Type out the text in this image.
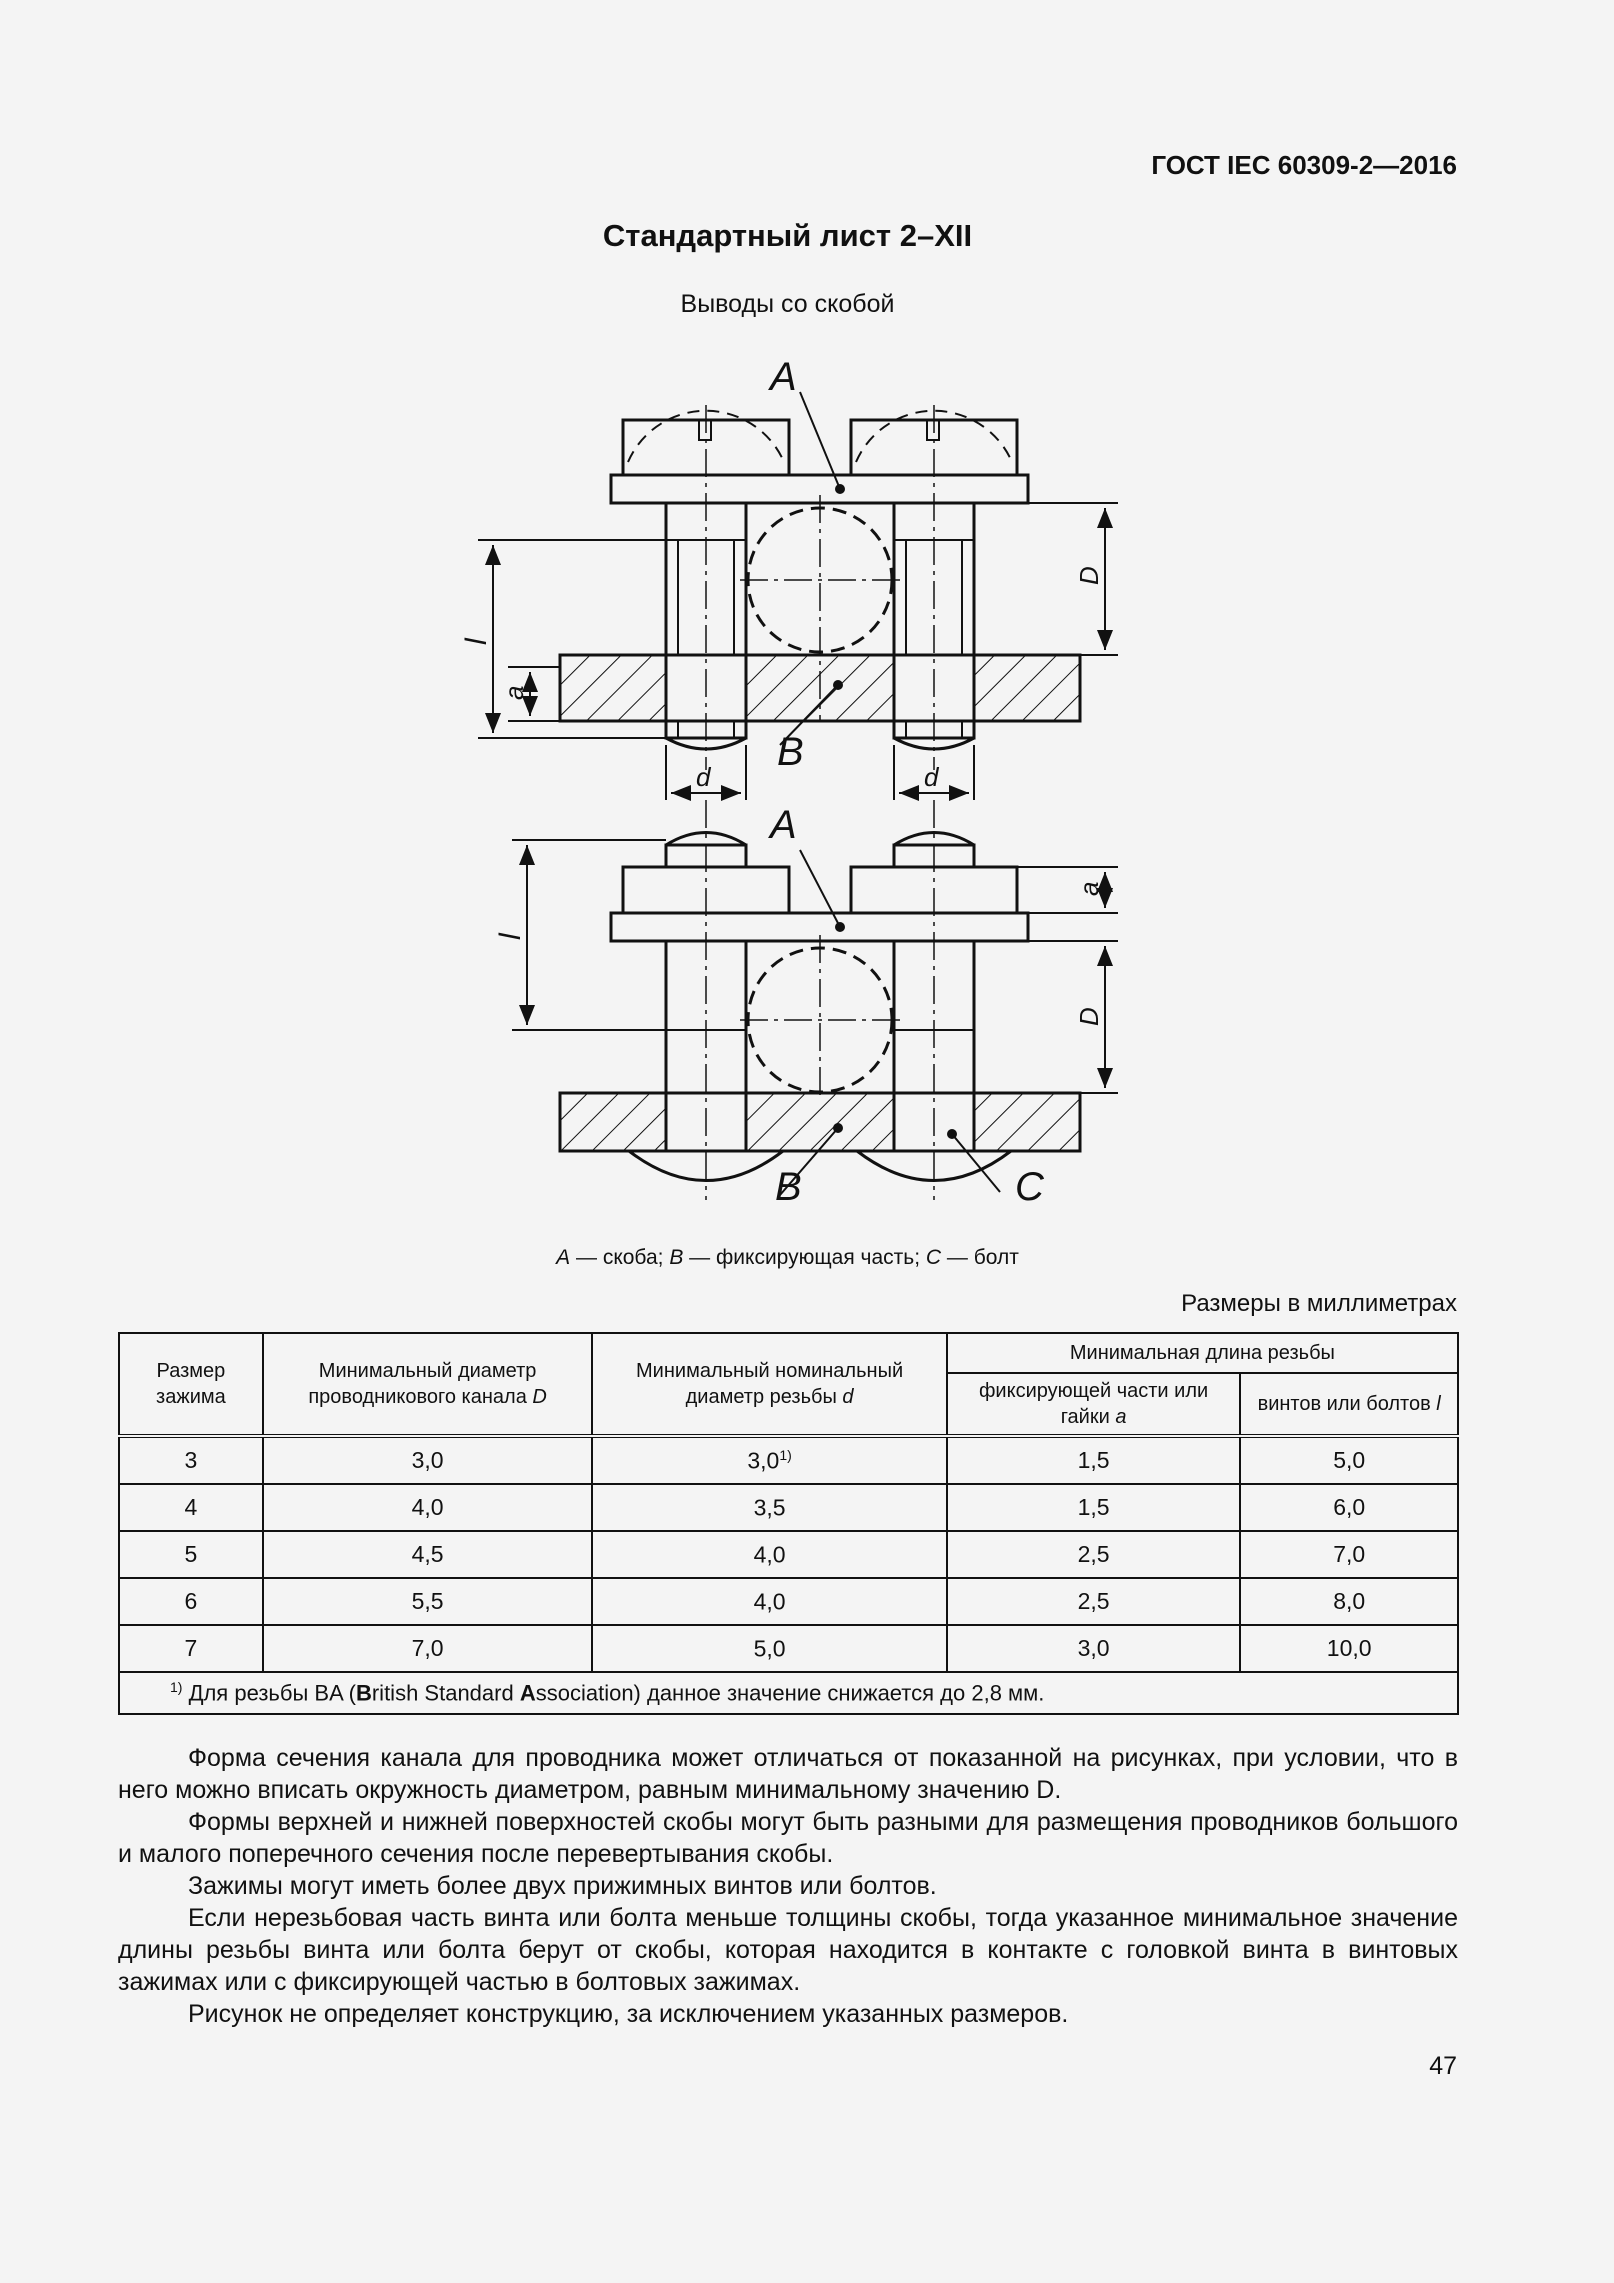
ГОСТ IEC 60309-2—2016
Стандартный лист 2–XII
Выводы со скобой
A
B
A
B	C
d	d
D
D
a
a
l
l
A — скоба; B — фиксирующая часть; C — болт
Размеры в миллиметрах
Размер зажима	Минимальный диаметр проводникового канала D	Минимальный номинальный диаметр резьбы d	Минимальная длина резьбы	
			фиксирующей части или гайки a	винтов или болтов l
3	3,0	3,0$^{1)}$	1,5	5,0
4	4,0	3,5	1,5	6,0
5	4,5	4,0	2,5	7,0
6	5,5	4,0	2,5	8,0
7	7,0	5,0	3,0	10,0
$^{1)}$ Для резьбы BA (British Standard Association) данное значение снижается до 2,8 мм.				

Форма сечения канала для проводника может отличаться от показанной на рисунках, при условии, что в него можно вписать окружность диаметром, равным минимальному значению D.

Формы верхней и нижней поверхностей скобы могут быть разными для размещения проводников большого и малого поперечного сечения после перевертывания скобы.

Зажимы могут иметь более двух прижимных винтов или болтов.

Если нерезьбовая часть винта или болта меньше толщины скобы, тогда указанное минимальное значение длины резьбы винта или болта берут от скобы, которая находится в контакте с головкой винта в винтовых зажимах или с фиксирующей частью в болтовых зажимах.

Рисунок не определяет конструкцию, за исключением указанных размеров.

47
